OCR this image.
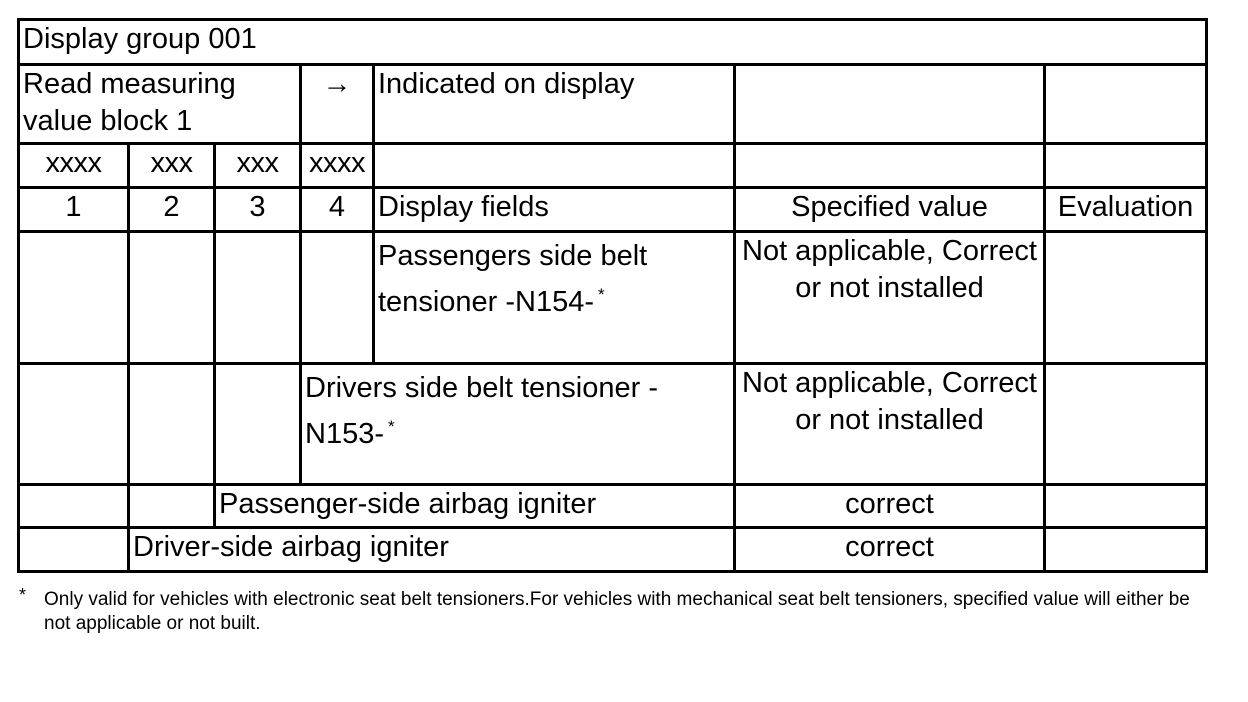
Display group 001						
Read measuring value block 1			→	Indicated on display		
xxxx	xxx	xxx	xxxx			
1	2	3	4	Display fields	Specified value	Evaluation
				Passengers side belt tensioner -N154- *	Not applicable, Correct or not installed	
			Drivers side belt tensioner -N153- *		Not applicable, Correct or not installed	
		Passenger-side airbag igniter			correct	
	Driver-side airbag igniter				correct	
* Only valid for vehicles with electronic seat belt tensioners.For vehicles with mechanical seat belt tensioners, specified value will either be not applicable or not built.
